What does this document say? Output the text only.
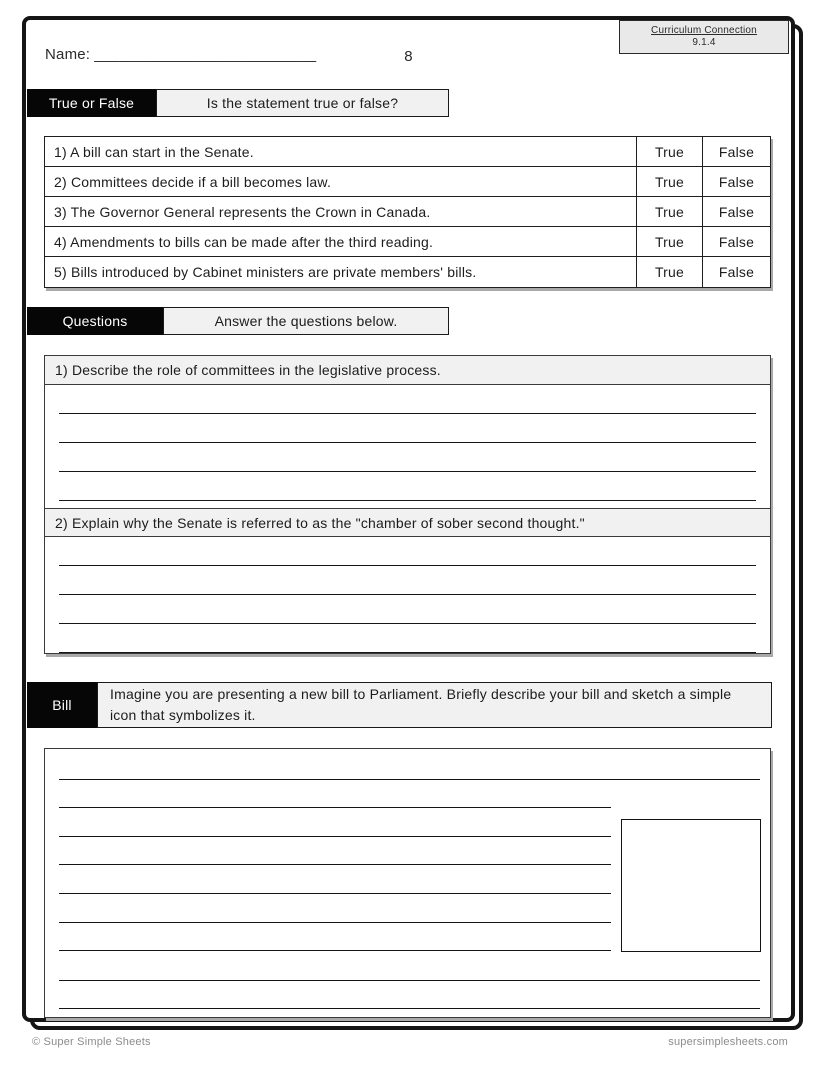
Name: __________________________	8
Curriculum Connection
9.1.4
True or False	Is the statement true or false?
1) A bill can start in the Senate.	True	False
2) Committees decide if a bill becomes law.	True	False
3) The Governor General represents the Crown in Canada.	True	False
4) Amendments to bills can be made after the third reading.	True	False
5) Bills introduced by Cabinet ministers are private members' bills.	True	False
Questions	Answer the questions below.
1) Describe the role of committees in the legislative process.
2) Explain why the Senate is referred to as the "chamber of sober second thought."
Bill
Imagine you are presenting a new bill to Parliament. Briefly describe your bill and sketch a simple icon that symbolizes it.
© Super Simple Sheets	supersimplesheets.com
